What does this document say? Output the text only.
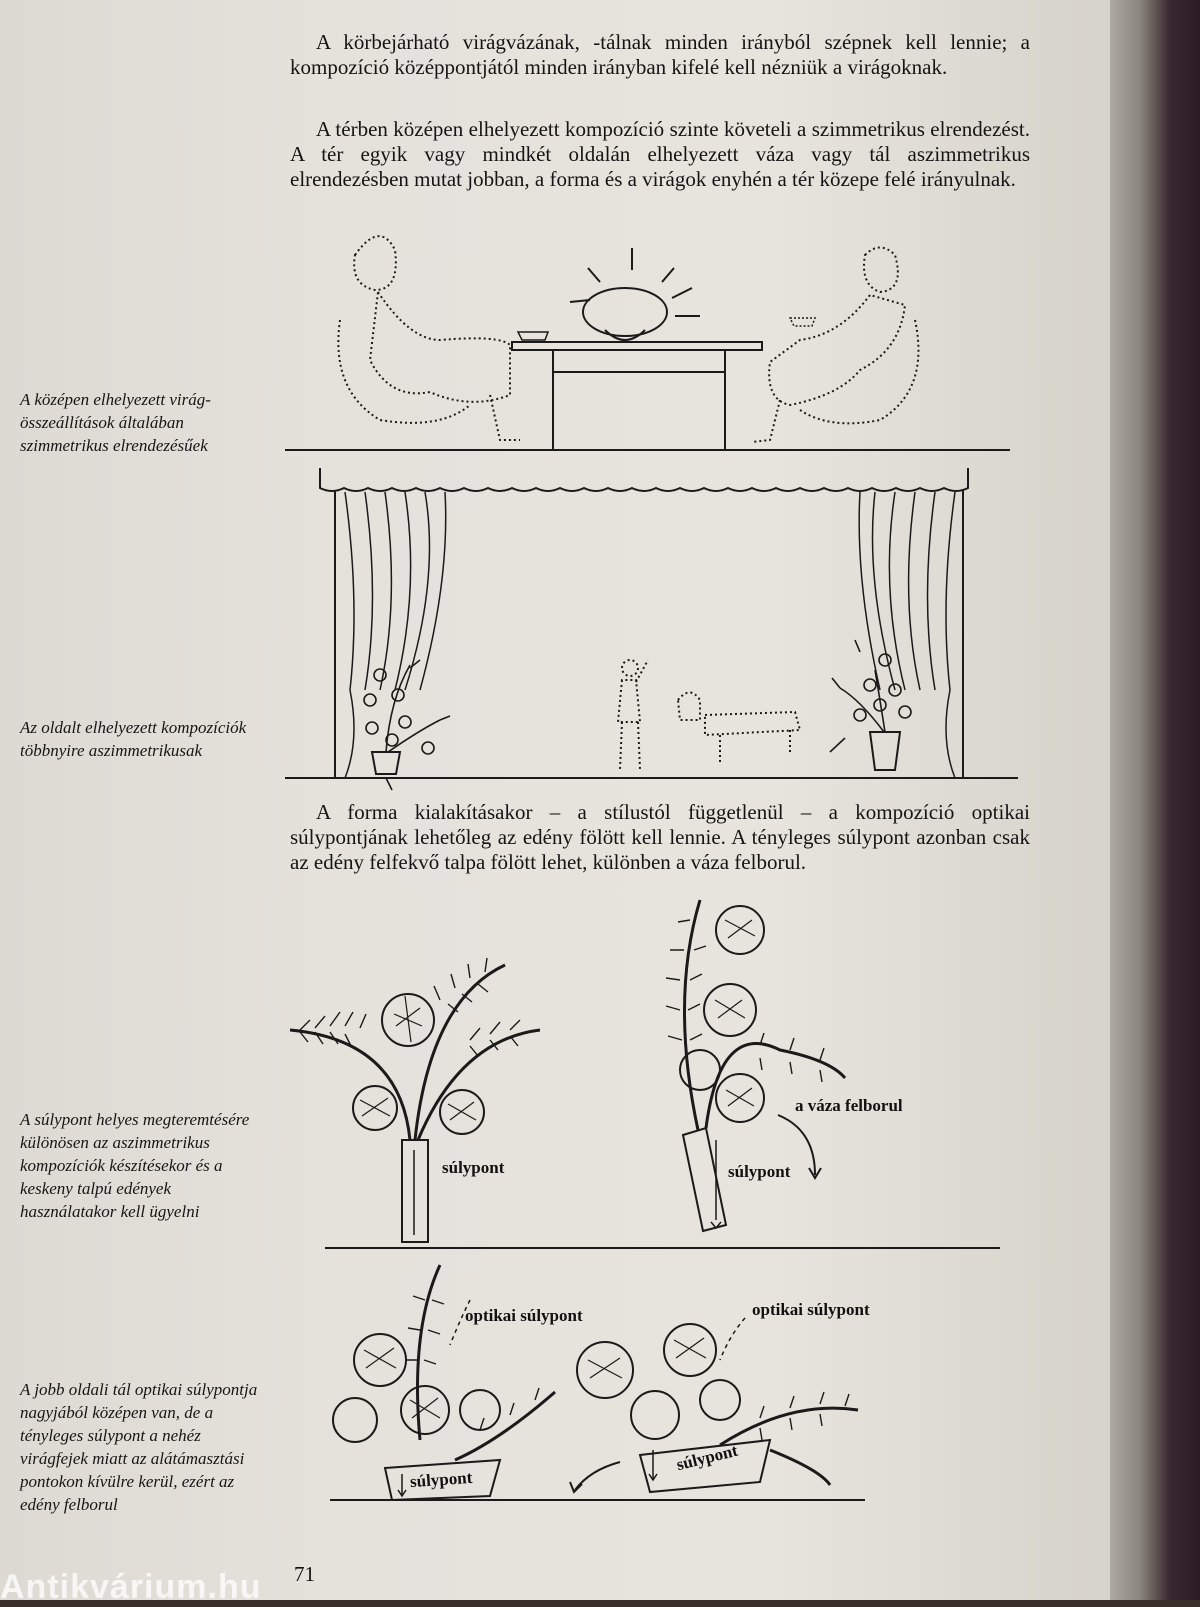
A körbejárható virágvázának, -tálnak minden irányból szépnek kell lennie; a kompozíció középpontjától minden irányban kifelé kell nézniük a virágoknak.

A térben középen elhelyezett kompozíció szinte követeli a szimmetrikus elrendezést. A tér egyik vagy mindkét oldalán elhelyezett váza vagy tál aszimmetrikus elrendezésben mutat jobban, a forma és a virágok enyhén a tér közepe felé irányulnak.

A forma kialakításakor – a stílustól függetlenül – a kompozíció optikai súlypontjának lehetőleg az edény fölött kell lennie. A tényleges súlypont azonban csak az edény felfekvő talpa fölött lehet, különben a váza felborul.

A középen elhelyezett virág-összeállítások általában szimmetrikus elrendezésűek

Az oldalt elhelyezett kompozíciók többnyire aszimmetrikusak

A súlypont helyes megteremtésére különösen az aszimmetrikus kompozíciók készítésekor és a keskeny talpú edények használatakor kell ügyelni

A jobb oldali tál optikai súlypontja nagyjából középen van, de a tényleges súlypont a nehéz virágfejek miatt az alátámasztási pontokon kívülre kerül, ezért az edény felborul

a váza felborul
súlypont	súlypont
optikai súlypont	optikai súlypont
súlypont
súlypont
71
Antikvárium.hu
